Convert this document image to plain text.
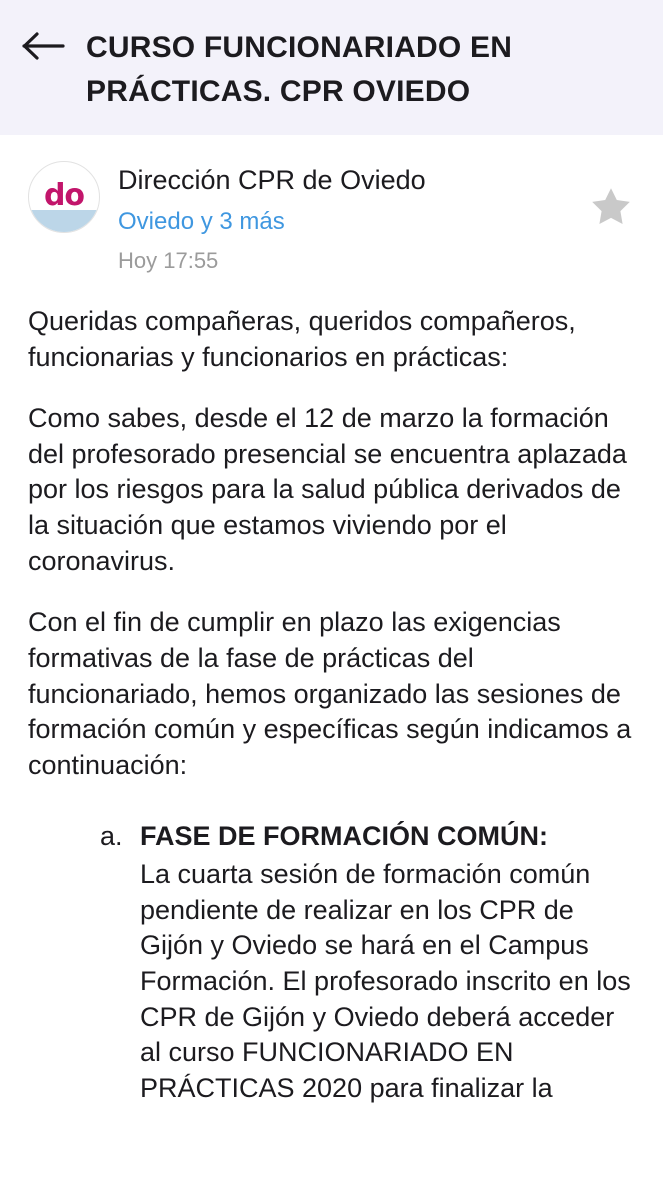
CURSO FUNCIONARIADO EN PRÁCTICAS. CPR OVIEDO
do Dirección CPR de Oviedo
Oviedo y 3 más
Hoy 17:55

Queridas compañeras, queridos compañeros, funcionarias y funcionarios en prácticas:

Como sabes, desde el 12 de marzo la formación del profesorado presencial se encuentra aplazada por los riesgos para la salud pública derivados de la situación que estamos viviendo por el coronavirus.

Con el fin de cumplir en plazo las exigencias formativas de la fase de prácticas del funcionariado, hemos organizado las sesiones de formación común y específicas según indicamos a continuación:

a. FASE DE FORMACIÓN COMÚN:
La cuarta sesión de formación común pendiente de realizar en los CPR de Gijón y Oviedo se hará en el Campus Formación. El profesorado inscrito en los CPR de Gijón y Oviedo deberá acceder al curso FUNCIONARIADO EN PRÁCTICAS 2020 para finalizar la
